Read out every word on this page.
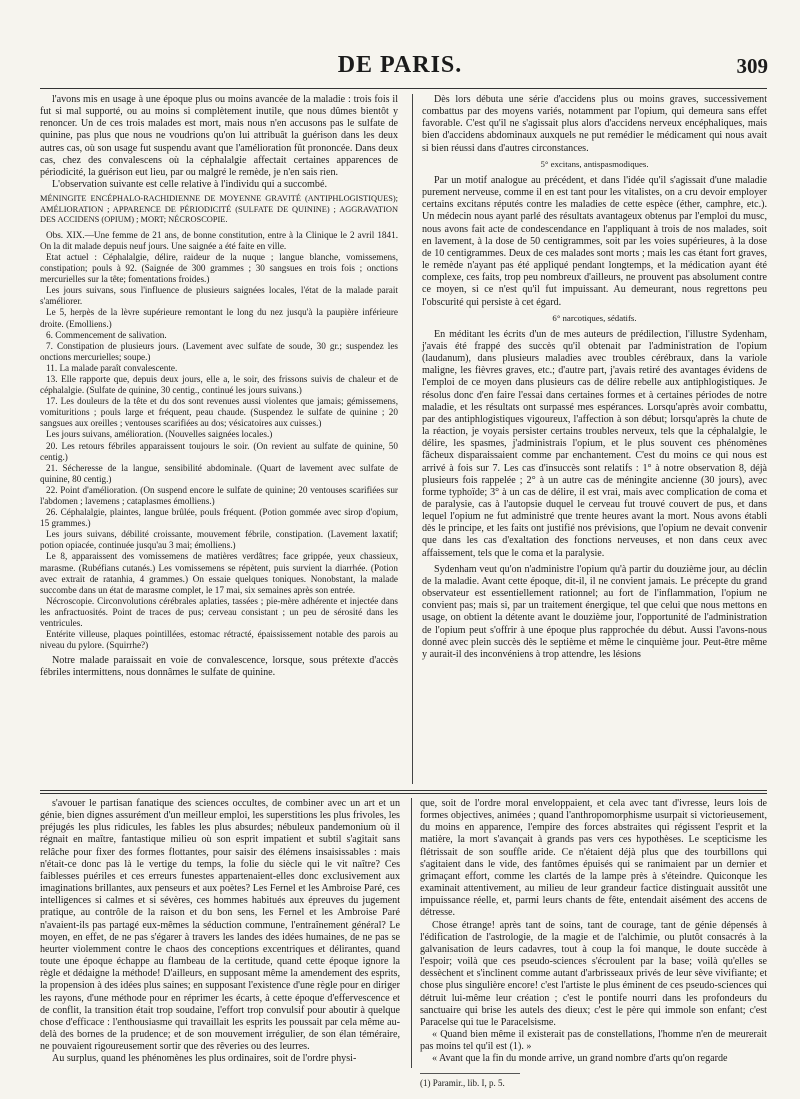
DE PARIS.	309

l'avons mis en usage à une époque plus ou moins avancée de la maladie : trois fois il fut si mal supporté, ou au moins si complètement inutile, que nous dûmes bientôt y renoncer. Un de ces trois malades est mort, mais nous n'en accusons pas le sulfate de quinine, pas plus que nous ne voudrions qu'on lui attribuât la guérison dans les deux autres cas, où son usage fut suspendu avant que l'amélioration fût prononcée. Dans deux cas, chez des convalescens où la céphalalgie affectait certaines apparences de périodicité, la guérison eut lieu, par ou malgré le remède, je n'en sais rien.

L'observation suivante est celle relative à l'individu qui a succombé.

MÉNINGITE ENCÉPHALO-RACHIDIENNE DE MOYENNE GRAVITÉ (ANTIPHLOGISTIQUES); AMÉLIORATION ; APPARENCE DE PÉRIODICITÉ (SULFATE DE QUININE) ; AGGRAVATION DES ACCIDENS (OPIUM) ; MORT; NÉCROSCOPIE.

Obs. XIX.—Une femme de 21 ans, de bonne constitution, entre à la Clinique le 2 avril 1841. On la dit malade depuis neuf jours. Une saignée a été faite en ville.

Etat actuel : Céphalalgie, délire, raideur de la nuque ; langue blanche, vomissemens, constipation; pouls à 92. (Saignée de 300 grammes ; 30 sangsues en trois fois ; onctions mercurielles sur la tête; fomentations froides.)

Les jours suivans, sous l'influence de plusieurs saignées locales, l'état de la malade parait s'améliorer.

Le 5, herpès de la lèvre supérieure remontant le long du nez jusqu'à la paupière inférieure droite. (Emolliens.)

6. Commencement de salivation.

7. Constipation de plusieurs jours. (Lavement avec sulfate de soude, 30 gr.; suspendez les onctions mercurielles; soupe.)

11. La malade paraît convalescente.

13. Elle rapporte que, depuis deux jours, elle a, le soir, des frissons suivis de chaleur et de céphalalgie. (Sulfate de quinine, 30 centig., continué les jours suivans.)

17. Les douleurs de la tête et du dos sont revenues aussi violentes que jamais; gémissemens, vomituritions ; pouls large et fréquent, peau chaude. (Suspendez le sulfate de quinine ; 20 sangsues aux oreilles ; ventouses scarifiées au dos; vésicatoires aux cuisses.)

Les jours suivans, amélioration. (Nouvelles saignées locales.)

20. Les retours fébriles apparaissent toujours le soir. (On revient au sulfate de quinine, 50 centig.)

21. Sécheresse de la langue, sensibilité abdominale. (Quart de lavement avec sulfate de quinine, 80 centig.)

22. Point d'amélioration. (On suspend encore le sulfate de quinine; 20 ventouses scarifiées sur l'abdomen ; lavemens ; cataplasmes émolliens.)

26. Céphalalgie, plaintes, langue brûlée, pouls fréquent. (Potion gommée avec sirop d'opium, 15 grammes.)

Les jours suivans, débilité croissante, mouvement fébrile, constipation. (Lavement laxatif; potion opiacée, continuée jusqu'au 3 mai; émolliens.)

Le 8, apparaissent des vomissemens de matières verdâtres; face grippée, yeux chassieux, marasme. (Rubéfians cutanés.) Les vomissemens se répètent, puis survient la diarrhée. (Potion avec extrait de ratanhia, 4 grammes.) On essaie quelques toniques. Nonobstant, la malade succombe dans un état de marasme complet, le 17 mai, six semaines après son entrée.

Nécroscopie. Circonvolutions cérébrales aplaties, tassées ; pie-mère adhérente et injectée dans les anfractuosités. Point de traces de pus; cerveau consistant ; un peu de sérosité dans les ventricules.

Entérite villeuse, plaques pointillées, estomac rétracté, épaississement notable des parois au niveau du pylore. (Squirrhe?)

Notre malade paraissait en voie de convalescence, lorsque, sous prétexte d'accès fébriles intermittens, nous donnâmes le sulfate de quinine.

Dès lors débuta une série d'accidens plus ou moins graves, successivement combattus par des moyens variés, notamment par l'opium, qui demeura sans effet favorable. C'est qu'il ne s'agissait plus alors d'accidens nerveux encéphaliques, mais bien d'accidens abdominaux auxquels ne put remédier le médicament qui nous avait si bien réussi dans d'autres circonstances.

5° excitans, antispasmodiques.

Par un motif analogue au précédent, et dans l'idée qu'il s'agissait d'une maladie purement nerveuse, comme il en est tant pour les vitalistes, on a cru devoir employer certains excitans réputés contre les maladies de cette espèce (éther, camphre, etc.). Un médecin nous ayant parlé des résultats avantageux obtenus par l'emploi du musc, nous avons fait acte de condescendance en l'appliquant à trois de nos malades, soit en lavement, à la dose de 50 centigrammes, soit par les voies supérieures, à la dose de 10 centigrammes. Deux de ces malades sont morts ; mais les cas étant fort graves, le remède n'ayant pas été appliqué pendant longtemps, et la médication ayant été complexe, ces faits, trop peu nombreux d'ailleurs, ne prouvent pas absolument contre ce moyen, si ce n'est qu'il fut impuissant. Au demeurant, nous regrettons peu l'obscurité qui persiste à cet égard.

6° narcotiques, sédatifs.

En méditant les écrits d'un de mes auteurs de prédilection, l'illustre Sydenham, j'avais été frappé des succès qu'il obtenait par l'administration de l'opium (laudanum), dans plusieurs maladies avec troubles cérébraux, dans la variole maligne, les fièvres graves, etc.; d'autre part, j'avais retiré des avantages évidens de l'emploi de ce moyen dans plusieurs cas de délire rebelle aux antiphlogistiques. Je résolus donc d'en faire l'essai dans certaines formes et à certaines périodes de notre maladie, et les résultats ont surpassé mes espérances. Lorsqu'après avoir combattu, par des antiphlogistiques vigoureux, l'affection à son début; lorsqu'après la chute de la réaction, je voyais persister certains troubles nerveux, tels que la céphalalgie, le délire, les spasmes, j'administrais l'opium, et le plus souvent ces phénomènes fâcheux disparaissaient comme par enchantement. C'est du moins ce qui nous est arrivé à fois sur 7. Les cas d'insuccès sont relatifs : 1° à notre observation 8, déjà plusieurs fois rappelée ; 2° à un autre cas de méningite ancienne (30 jours), avec forme typhoïde; 3° à un cas de délire, il est vrai, mais avec complication de coma et de paralysie, cas à l'autopsie duquel le cerveau fut trouvé couvert de pus, et dans lequel l'opium ne fut administré que trente heures avant la mort. Nous avons établi dès le principe, et les faits ont justifié nos prévisions, que l'opium ne devait convenir que dans les cas d'exaltation des fonctions nerveuses, et non dans ceux avec affaissement, tels que le coma et la paralysie.

Sydenham veut qu'on n'administre l'opium qu'à partir du douzième jour, au déclin de la maladie. Avant cette époque, dit-il, il ne convient jamais. Le précepte du grand observateur est essentiellement rationnel; au fort de l'inflammation, l'opium ne convient pas; mais si, par un traitement énergique, tel que celui que nous mettons en usage, on obtient la détente avant le douzième jour, l'opportunité de l'administration de l'opium peut s'offrir à une époque plus rapprochée du début. Aussi l'avons-nous donné avec plein succès dès le septième et même le cinquième jour. Peut-être même y aurait-il des inconvéniens à trop attendre, les lésions

s'avouer le partisan fanatique des sciences occultes, de combiner avec un art et un génie, bien dignes assurément d'un meilleur emploi, les superstitions les plus frivoles, les préjugés les plus ridicules, les fables les plus absurdes; nébuleux pandemonium où il régnait en maître, fantastique milieu où son esprit impatient et subtil s'agitait sans relâche pour fixer des formes flottantes, pour saisir des élémens insaisissables : mais n'était-ce donc pas là le vertige du temps, la folie du siècle qui le vit naître? Ces faiblesses puériles et ces erreurs funestes appartenaient-elles donc exclusivement aux imaginations brillantes, aux penseurs et aux poètes? Les Fernel et les Ambroise Paré, ces intelligences si calmes et si sévères, ces hommes habitués aux épreuves du jugement pratique, au contrôle de la raison et du bon sens, les Fernel et les Ambroise Paré n'avaient-ils pas partagé eux-mêmes la séduction commune, l'entraînement général? Le moyen, en effet, de ne pas s'égarer à travers les landes des idées humaines, de ne pas se heurter violemment contre le chaos des conceptions excentriques et délirantes, quand toute une époque échappe au flambeau de la certitude, quand cette époque ignore la règle et dédaigne la méthode! D'ailleurs, en supposant même la amendement des esprits, la propension à des idées plus saines; en supposant l'existence d'une règle pour en diriger les rayons, d'une méthode pour en réprimer les écarts, à cette époque d'effervescence et de conflit, la transition était trop soudaine, l'effort trop convulsif pour aboutir à quelque chose d'efficace : l'enthousiasme qui travaillait les esprits les poussait par cela même au-delà des bornes de la prudence; et de son mouvement irrégulier, de son élan téméraire, ne pouvaient rigoureusement sortir que des rêveries ou des leurres.

Au surplus, quand les phénomènes les plus ordinaires, soit de l'ordre physi-

que, soit de l'ordre moral enveloppaient, et cela avec tant d'ivresse, leurs lois de formes objectives, animées ; quand l'anthropomorphisme usurpait si victorieusement, du moins en apparence, l'empire des forces abstraites qui régissent l'esprit et la matière, la mort s'avançait à grands pas vers ces hypothèses. Le scepticisme les flétrissait de son souffle aride. Ce n'étaient déjà plus que des tourbillons qui s'agitaient dans le vide, des fantômes épuisés qui se ranimaient par un dernier et grimaçant effort, comme les clartés de la lampe près à s'éteindre. Quiconque les examinait attentivement, au milieu de leur grandeur factice distinguait aussitôt une impuissance réelle, et, parmi leurs chants de fête, entendait aisément des accens de détresse.

Chose étrange! après tant de soins, tant de courage, tant de génie dépensés à l'édification de l'astrologie, de la magie et de l'alchimie, ou plutôt consacrés à la galvanisation de leurs cadavres, tout à coup la foi manque, le doute succède à l'espoir; voilà que ces pseudo-sciences s'écroulent par la base; voilà qu'elles se dessèchent et s'inclinent comme autant d'arbrisseaux privés de leur sève vivifiante; et chose plus singulière encore! c'est l'artiste le plus éminent de ces pseudo-sciences qui détruit lui-même leur création ; c'est le pontife nourri dans les profondeurs du sanctuaire qui brise les autels des dieux; c'est le père qui immole son enfant; c'est Paracelse qui tue le Paracelsisme.

« Quand bien même il existerait pas de constellations, l'homme n'en de meurerait pas moins tel qu'il est (1). »

« Avant que la fin du monde arrive, un grand nombre d'arts qu'on regarde

(1) Paramir., lib. I, p. 5.
